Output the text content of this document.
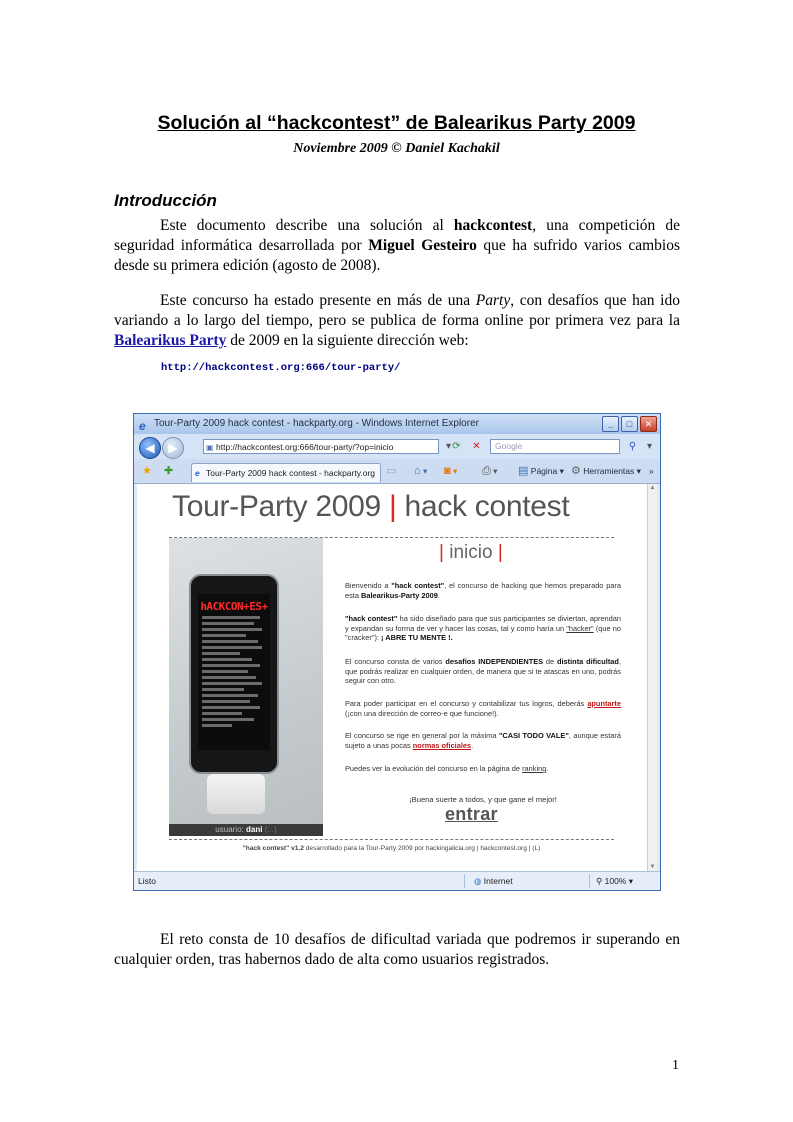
Solución al “hackcontest” de Balearikus Party 2009
Noviembre 2009 © Daniel Kachakil
Introducción

Este documento describe una solución al hackcontest, una competición de seguridad informática desarrollada por Miguel Gesteiro que ha sufrido varios cambios desde su primera edición (agosto de 2008).

Este concurso ha estado presente en más de una Party, con desafíos que han ido variando a lo largo del tiempo, pero se publica de forma online por primera vez para la Balearikus Party de 2009 en la siguiente dirección web:

http://hackcontest.org:666/tour-party/
e Tour-Party 2009 hack contest - hackparty.org - Windows Internet Explorer	_	□	✕
◀	▶	▣ http://hackcontest.org:666/tour-party/?op=inicio	▾ ⟳	✕	Google	⚲	▾
★ ✚	e Tour-Party 2009 hack contest - hackparty.org	▭ ⌂ ▾ ◙ ▾ ⎙ ▾ ▤ Página ▾ ⚙ Herramientas ▾ »
Tour-Party 2009 | hack contest
| inicio |
hACKCON+ES+
usuario: dani (...)
Bienvenido a "hack contest", el concurso de hacking que hemos preparado para esta Balearikus-Party 2009.
"hack contest" ha sido diseñado para que sus participantes se diviertan, aprendan y expandan su forma de ver y hacer las cosas, tal y como haría un "hacker" (que no "cracker"): ¡ ABRE TU MENTE !.
El concurso consta de varios desafíos INDEPENDIENTES de distinta dificultad, que podrás realizar en cualquier orden, de manera que si te atascas en uno, podrás seguir con otro.
Para poder participar en el concurso y contabilizar tus logros, deberás apuntarte (¡con una dirección de correo-e que funcione!).
El concurso se rige en general por la máxima "CASI TODO VALE", aunque estará sujeto a unas pocas normas oficiales.
Puedes ver la evolución del concurso en la página de ranking.
¡Buena suerte a todos, y que gane el mejor!
entrar
"hack contest" v1.2 desarrollado para la Tour-Party 2009 por hackingalicia.org | hackcontest.org | (L)
▲
▼
Listo	◍ Internet	⚲ 100% ▾

El reto consta de 10 desafíos de dificultad variada que podremos ir superando en cualquier orden, tras habernos dado de alta como usuarios registrados.

1
